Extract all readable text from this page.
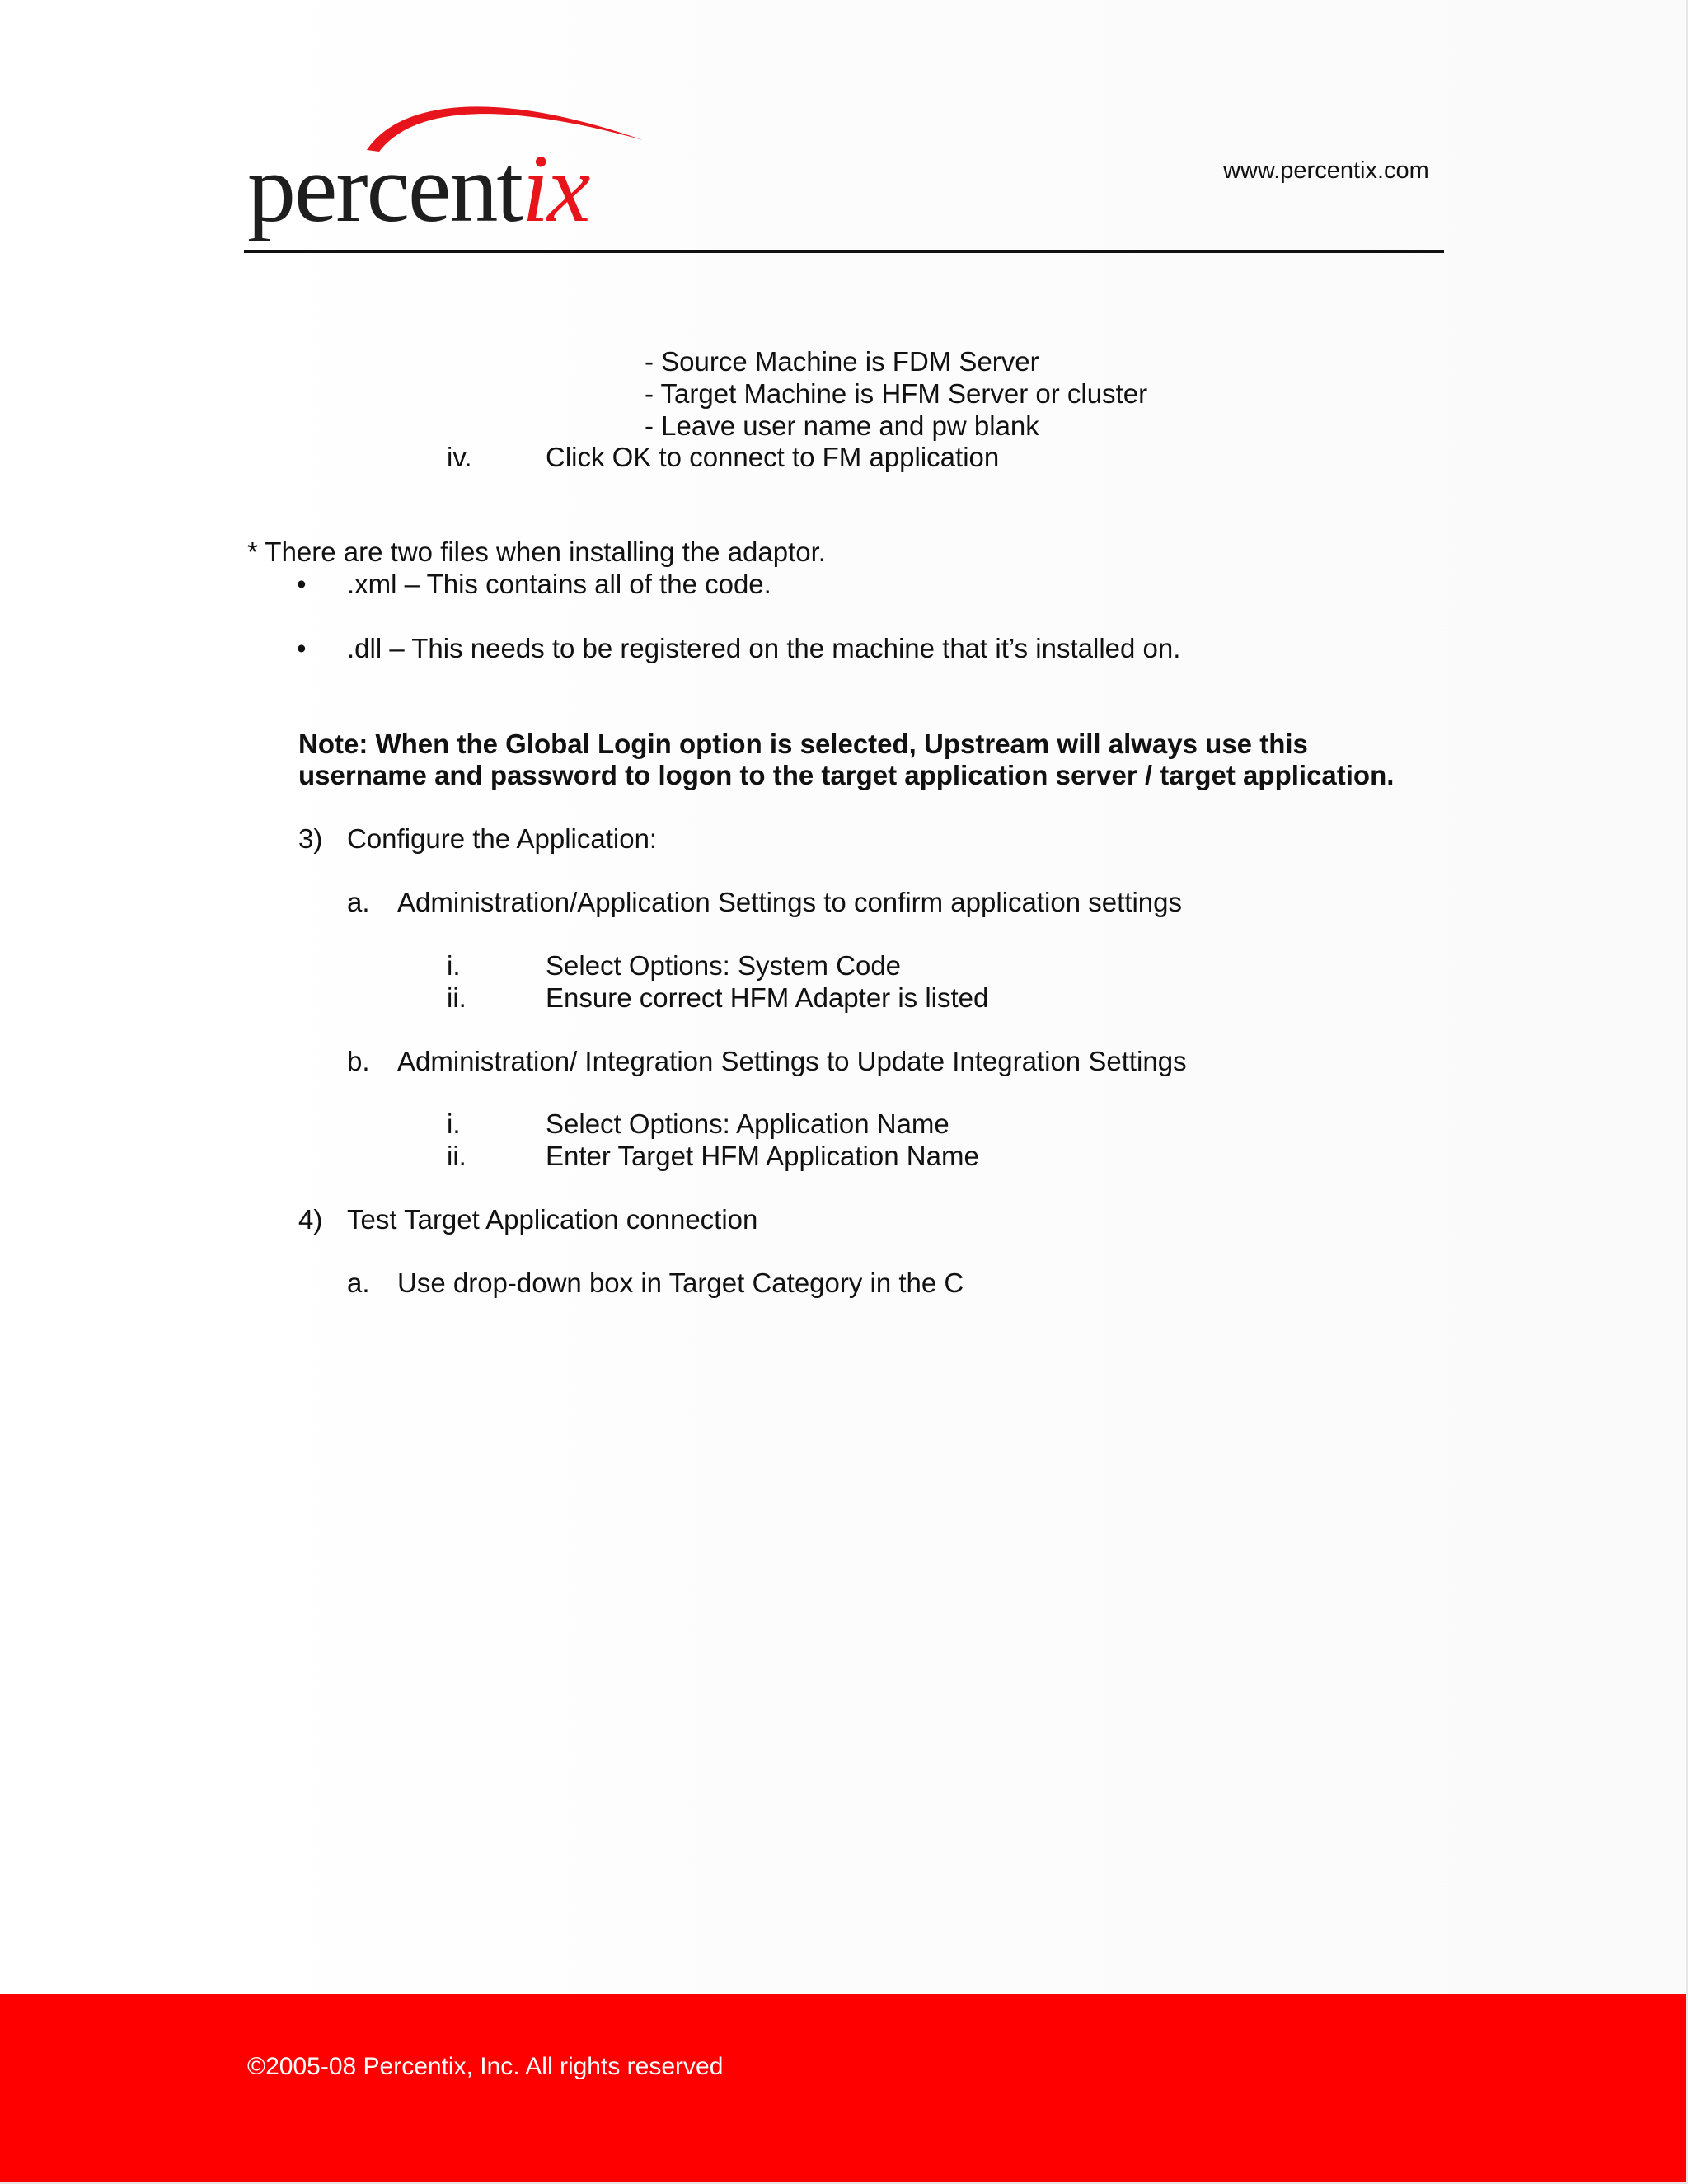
percentix	www.percentix.com
- Source Machine is FDM Server
- Target Machine is HFM Server or cluster
- Leave user name and pw blank
iv.	Click OK to connect to FM application
* There are two files when installing the adaptor.
• .xml – This contains all of the code.
• .dll – This needs to be registered on the machine that it’s installed on.
Note: When the Global Login option is selected, Upstream will always use this
username and password to logon to the target application server / target application.
3) Configure the Application:
a. Administration/Application Settings to confirm application settings
i.	Select Options: System Code
ii.	Ensure correct HFM Adapter is listed
b. Administration/ Integration Settings to Update Integration Settings
i.	Select Options: Application Name
ii.	Enter Target HFM Application Name
4) Test Target Application connection
a. Use drop-down box in Target Category in the C
©2005-08 Percentix, Inc. All rights reserved
